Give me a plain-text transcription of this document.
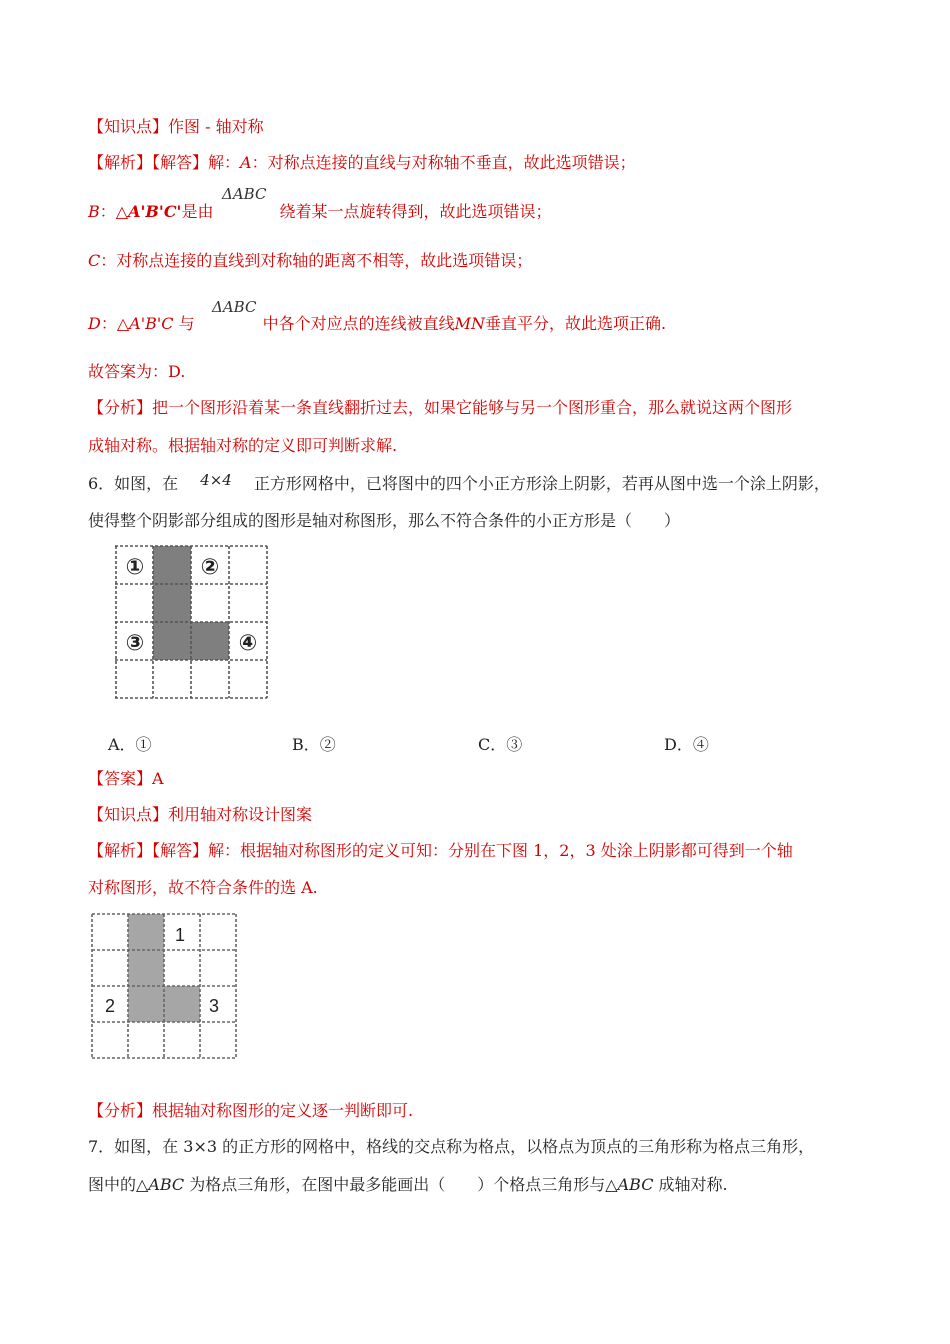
【知识点】作图 - 轴对称
【解析】【解答】解：A：对称点连接的直线与对称轴不垂直，故此选项错误；
ΔABC
B：△A'B'C'是由	绕着某一点旋转得到，故此选项错误；
C：对称点连接的直线到对称轴的距离不相等，故此选项错误；
ΔABC
D：△A'B'C 与	中各个对应点的连线被直线MN垂直平分，故此选项正确.
故答案为：D.
【分析】把一个图形沿着某一条直线翻折过去，如果它能够与另一个图形重合，那么就说这两个图形
成轴对称。根据轴对称的定义即可判断求解.
6．如图，在 4×4 正方形网格中，已将图中的四个小正方形涂上阴影，若再从图中选一个涂上阴影，
使得整个阴影部分组成的图形是轴对称图形，那么不符合条件的小正方形是（　　）
①	②
③	④
A．①	B．②	C．③	D．④
【答案】A
【知识点】利用轴对称设计图案
【解析】【解答】解：根据轴对称图形的定义可知：分别在下图 1，2，3 处涂上阴影都可得到一个轴
对称图形，故不符合条件的选 A.
1
2	3
【分析】根据轴对称图形的定义逐一判断即可.
7．如图，在 3×3 的正方形的网格中，格线的交点称为格点，以格点为顶点的三角形称为格点三角形，
图中的△ABC 为格点三角形，在图中最多能画出（　　）个格点三角形与△ABC 成轴对称.
